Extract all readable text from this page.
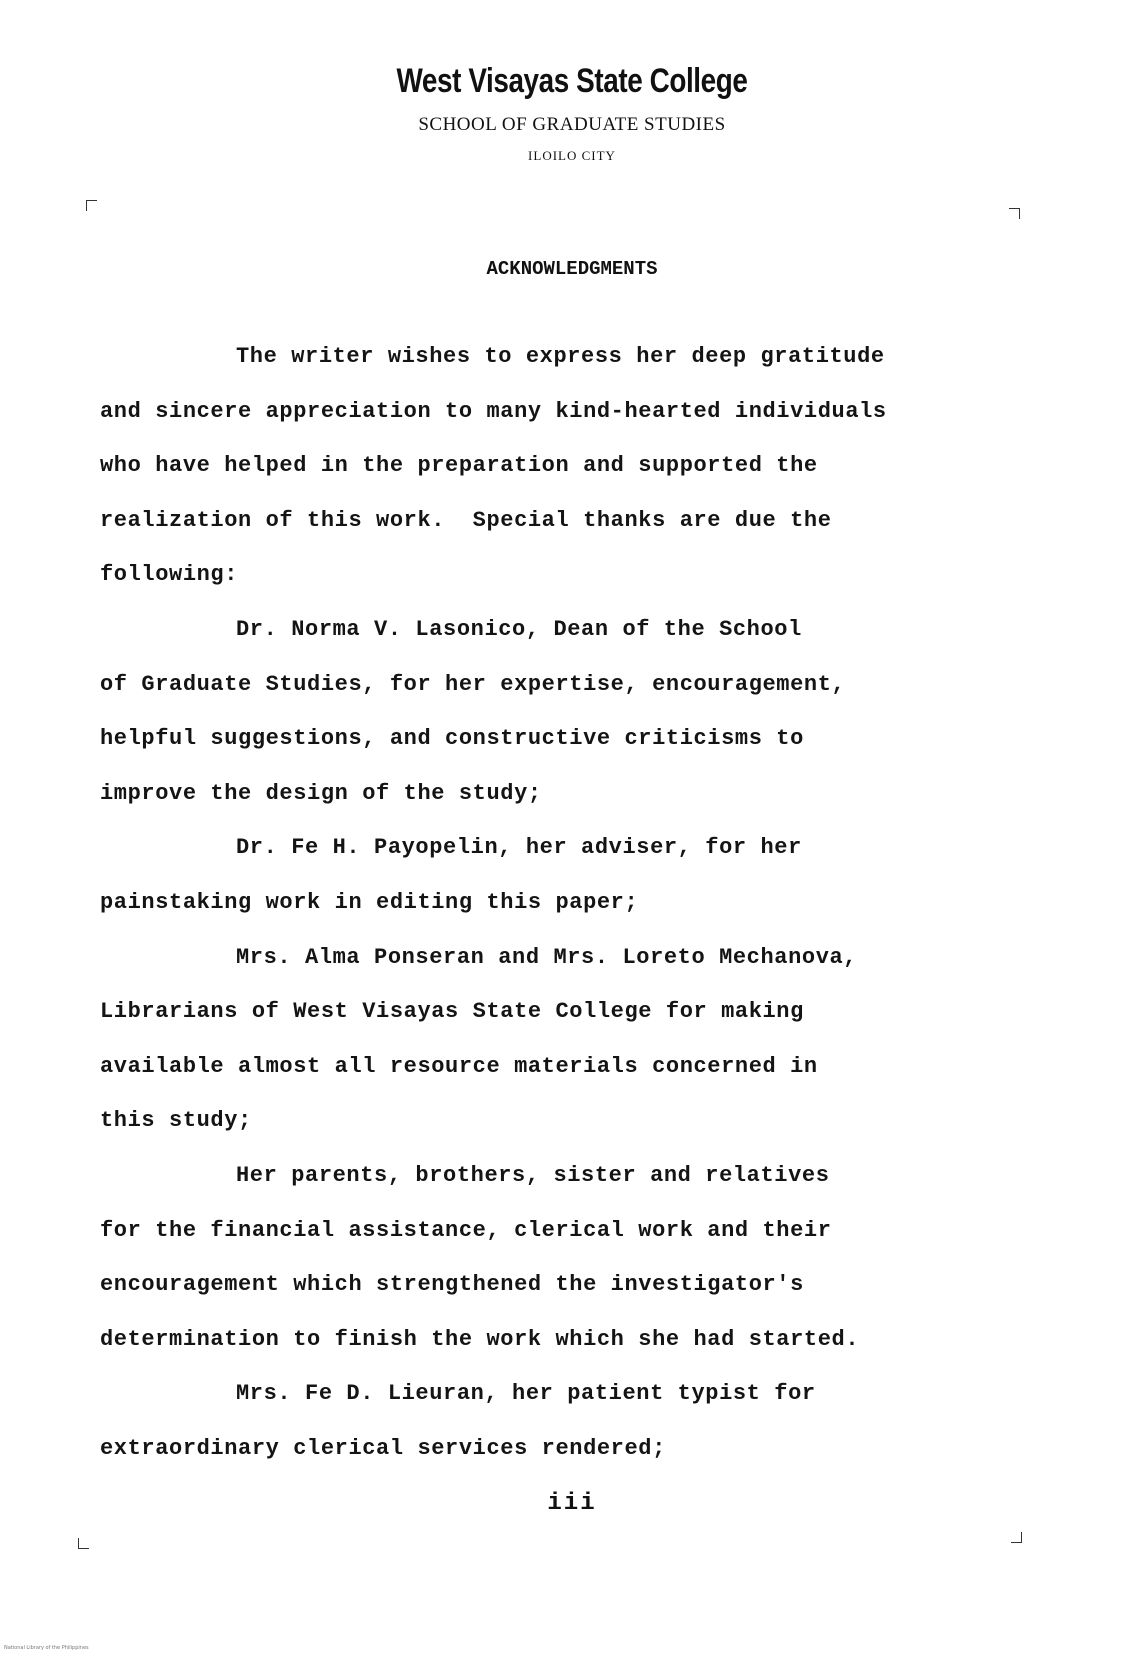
West Visayas State College
SCHOOL OF GRADUATE STUDIES
ILOILO CITY
ACKNOWLEDGMENTS
The writer wishes to express her deep gratitude
and sincere appreciation to many kind-hearted individuals
who have helped in the preparation and supported the
realization of this work.  Special thanks are due the
following:
Dr. Norma V. Lasonico, Dean of the School
of Graduate Studies, for her expertise, encouragement,
helpful suggestions, and constructive criticisms to
improve the design of the study;
Dr. Fe H. Payopelin, her adviser, for her
painstaking work in editing this paper;
Mrs. Alma Ponseran and Mrs. Loreto Mechanova,
Librarians of West Visayas State College for making
available almost all resource materials concerned in
this study;
Her parents, brothers, sister and relatives
for the financial assistance, clerical work and their
encouragement which strengthened the investigator's
determination to finish the work which she had started.
Mrs. Fe D. Lieuran, her patient typist for
extraordinary clerical services rendered;
iii
National Library of the Philippines
